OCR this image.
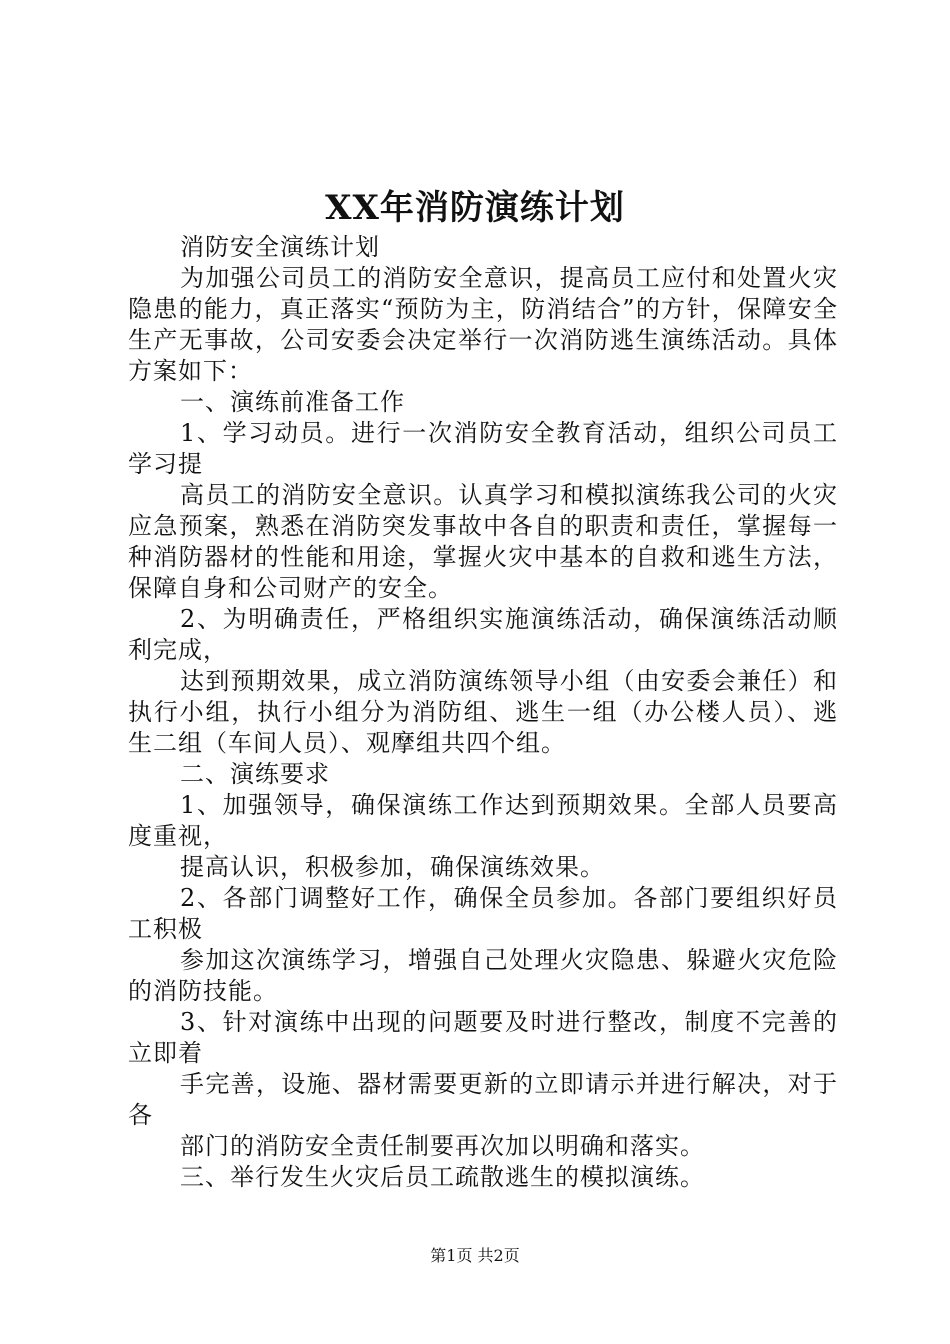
XX年消防演练计划

消防安全演练计划

为加强公司员工的消防安全意识，提高员工应付和处置火灾隐患的能力，真正落实“预防为主，防消结合”的方针，保障安全生产无事故，公司安委会决定举行一次消防逃生演练活动。具体方案如下：

一、演练前准备工作

1、学习动员。进行一次消防安全教育活动，组织公司员工学习提

高员工的消防安全意识。认真学习和模拟演练我公司的火灾应急预案，熟悉在消防突发事故中各自的职责和责任，掌握每一种消防器材的性能和用途，掌握火灾中基本的自救和逃生方法，保障自身和公司财产的安全。

2、为明确责任，严格组织实施演练活动，确保演练活动顺利完成，

达到预期效果，成立消防演练领导小组（由安委会兼任）和执行小组，执行小组分为消防组、逃生一组（办公楼人员）、逃生二组（车间人员）、观摩组共四个组。

二、演练要求

1、加强领导，确保演练工作达到预期效果。全部人员要高度重视，

提高认识，积极参加，确保演练效果。

2、各部门调整好工作，确保全员参加。各部门要组织好员工积极

参加这次演练学习，增强自己处理火灾隐患、躲避火灾危险的消防技能。

3、针对演练中出现的问题要及时进行整改，制度不完善的立即着

手完善，设施、器材需要更新的立即请示并进行解决，对于各

部门的消防安全责任制要再次加以明确和落实。

三、举行发生火灾后员工疏散逃生的模拟演练。

第1页 共2页
